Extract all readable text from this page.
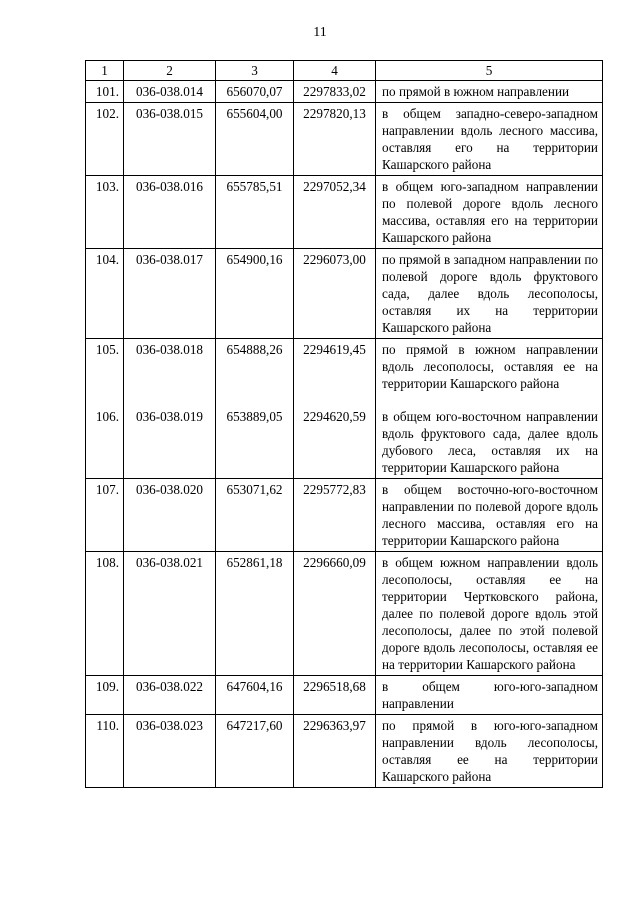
11
1	2	3	4	5
101.	036-038.014	656070,07	2297833,02	по прямой в южном направлении
102.	036-038.015	655604,00	2297820,13	в общем западно-северо-западном направлении вдоль лесного массива, оставляя его на территории Кашарского района
103.	036-038.016	655785,51	2297052,34	в общем юго-западном направлении по полевой дороге вдоль лесного массива, оставляя его на территории Кашарского района
104.	036-038.017	654900,16	2296073,00	по прямой в западном направлении по полевой дороге вдоль фруктового сада, далее вдоль лесополосы, оставляя их на территории Кашарского района
105.	036-038.018	654888,26	2294619,45	по прямой в южном направлении вдоль лесополосы, оставляя ее на территории Кашарского района
106.	036-038.019	653889,05	2294620,59	в общем юго-восточном направлении вдоль фруктового сада, далее вдоль дубового леса, оставляя их на территории Кашарского района
107.	036-038.020	653071,62	2295772,83	в общем восточно-юго-восточном направлении по полевой дороге вдоль лесного массива, оставляя его на территории Кашарского района
108.	036-038.021	652861,18	2296660,09	в общем южном направлении вдоль лесополосы, оставляя ее на территории Чертковского района, далее по полевой дороге вдоль этой лесополосы, далее по этой полевой дороге вдоль лесополосы, оставляя ее на территории Кашарского района
109.	036-038.022	647604,16	2296518,68	в общем юго-юго-западном направлении
110.	036-038.023	647217,60	2296363,97	по прямой в юго-юго-западном направлении вдоль лесополосы, оставляя ее на территории Кашарского района
